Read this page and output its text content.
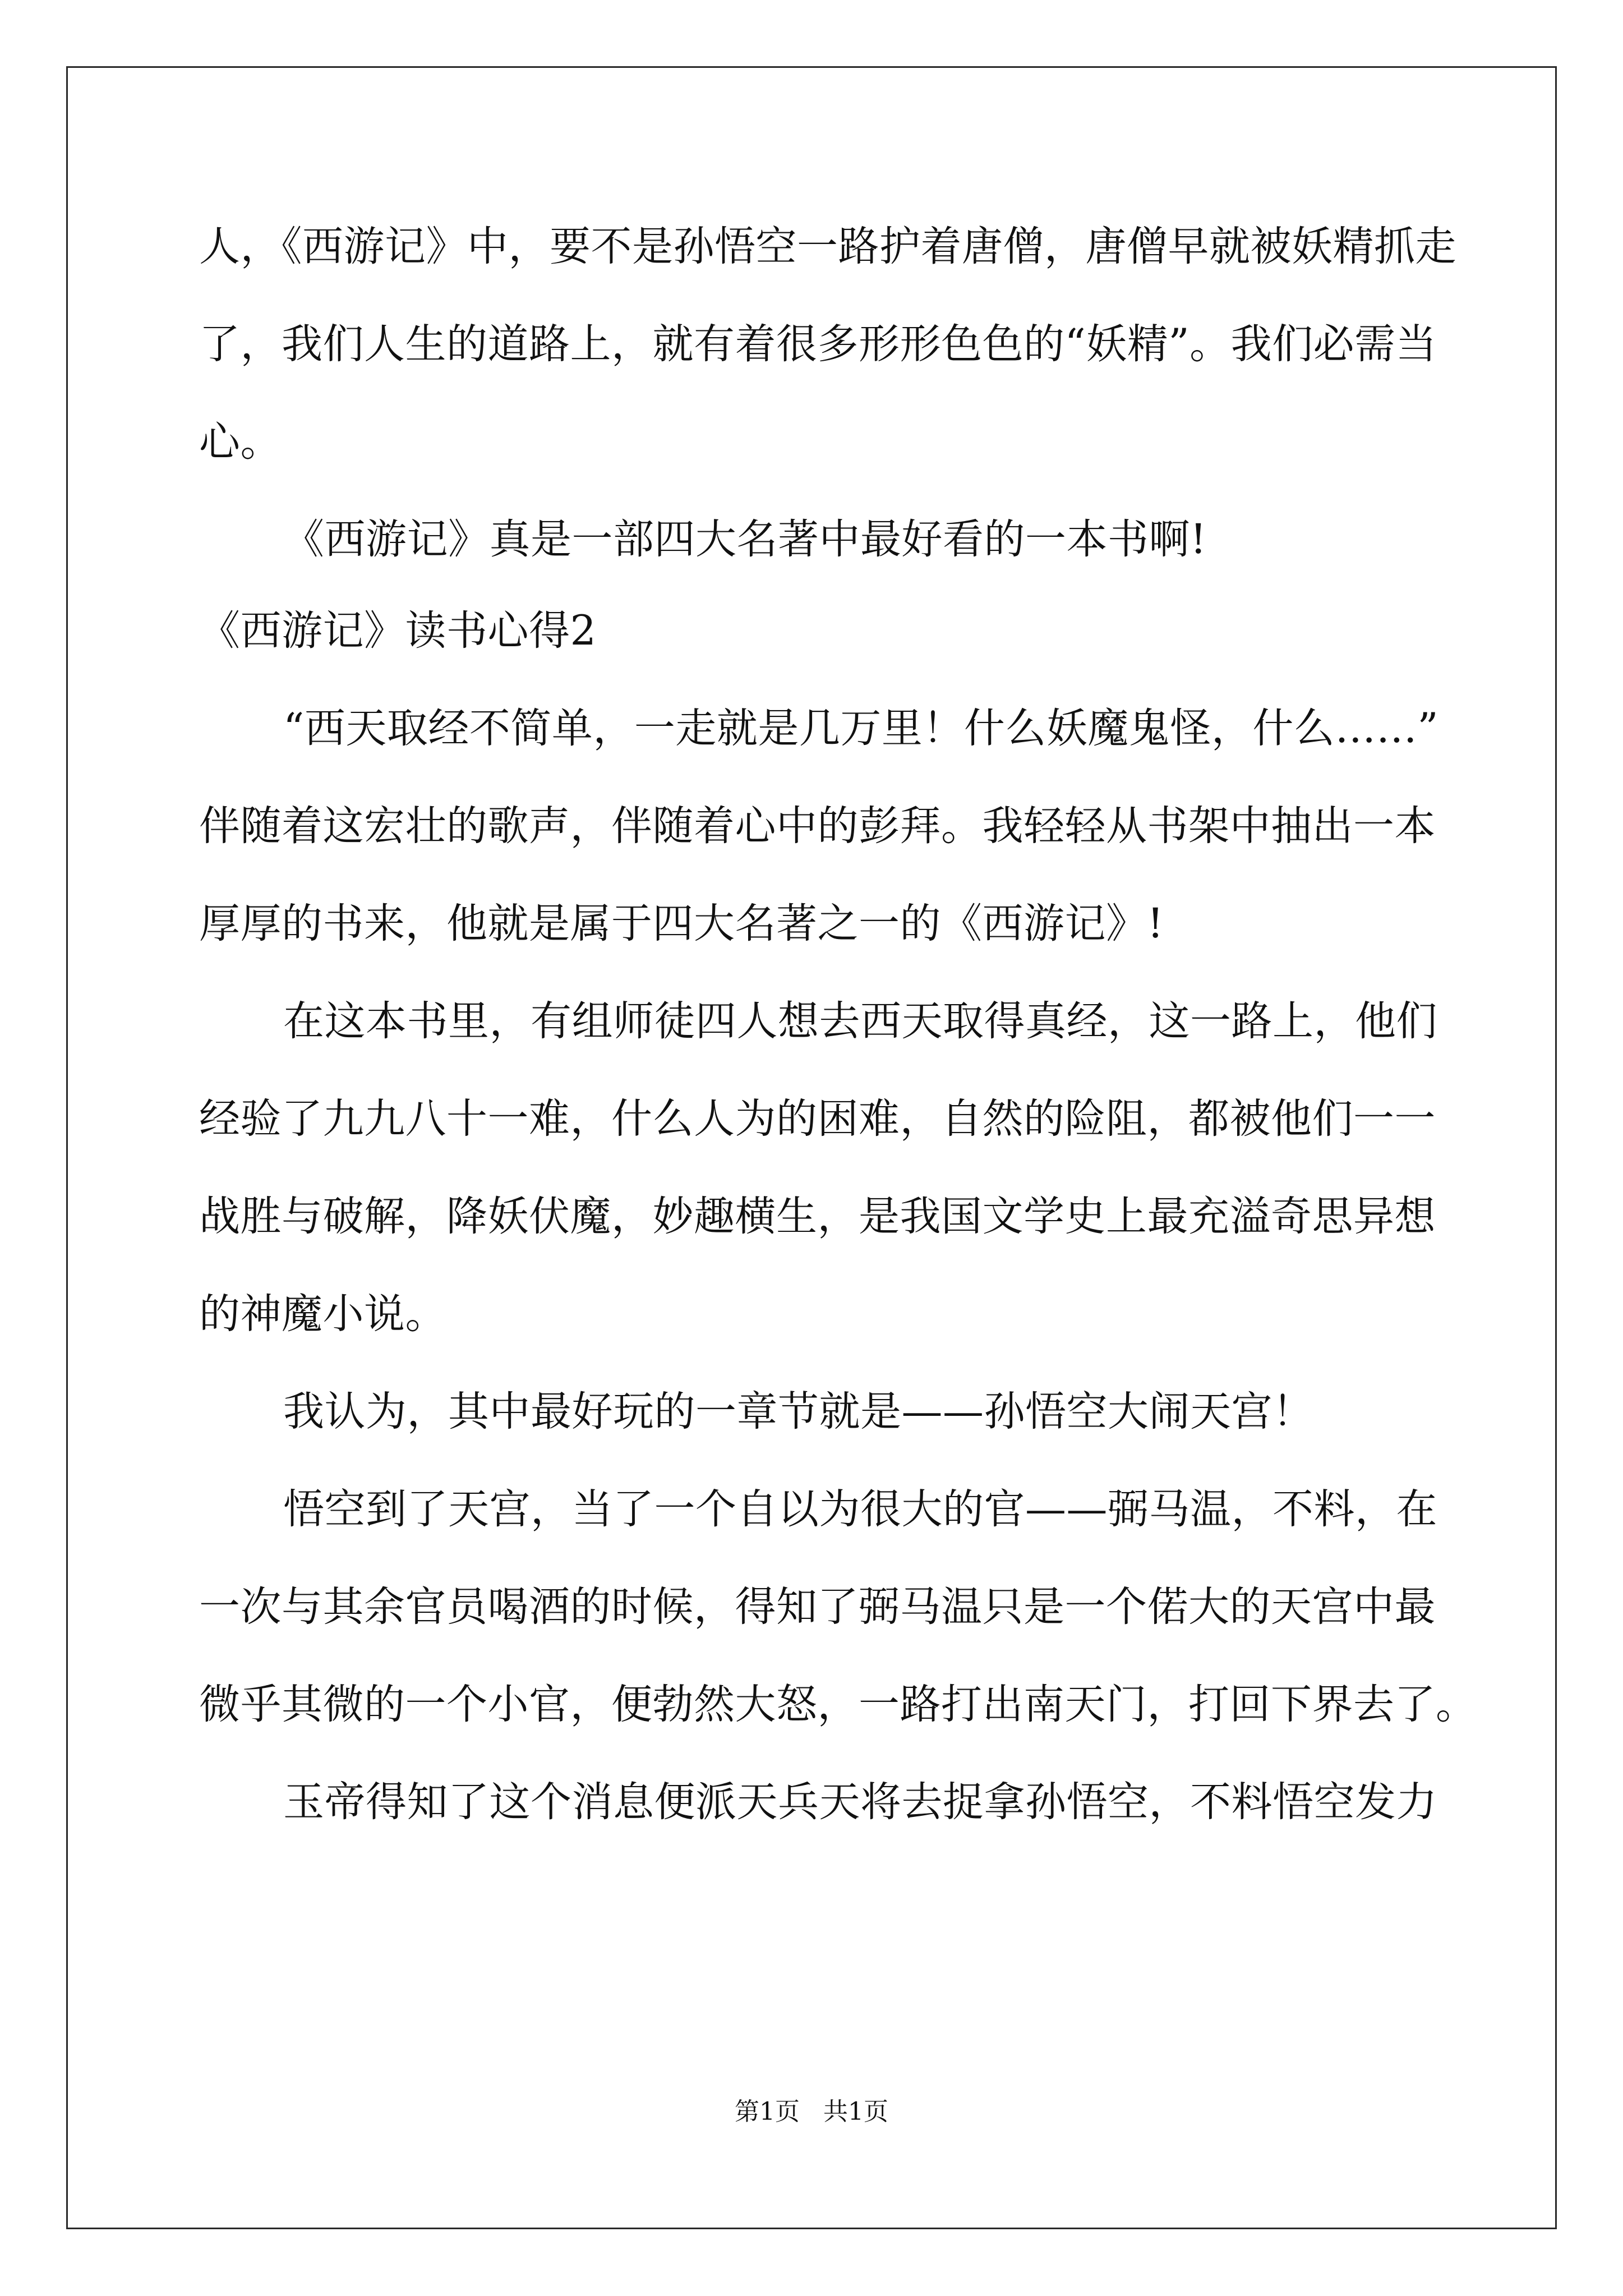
人，《西游记》中，要不是孙悟空一路护着唐僧，唐僧早就被妖精抓走
了，我们人生的道路上，就有着很多形形色色的“妖精”。我们必需当
心。
《西游记》真是一部四大名著中最好看的一本书啊!
《西游记》读书心得2
“西天取经不简单，一走就是几万里！什么妖魔鬼怪，什么……”
伴随着这宏壮的歌声，伴随着心中的彭拜。我轻轻从书架中抽出一本
厚厚的书来，他就是属于四大名著之一的《西游记》!
在这本书里，有组师徒四人想去西天取得真经，这一路上，他们
经验了九九八十一难，什么人为的困难，自然的险阻，都被他们一一
战胜与破解，降妖伏魔，妙趣横生，是我国文学史上最充溢奇思异想
的神魔小说。
我认为，其中最好玩的一章节就是——孙悟空大闹天宫！
悟空到了天宫，当了一个自以为很大的官——弼马温，不料，在
一次与其余官员喝酒的时候，得知了弼马温只是一个偌大的天宫中最
微乎其微的一个小官，便勃然大怒，一路打出南天门，打回下界去了。
玉帝得知了这个消息便派天兵天将去捉拿孙悟空，不料悟空发力
第1页   共1页
